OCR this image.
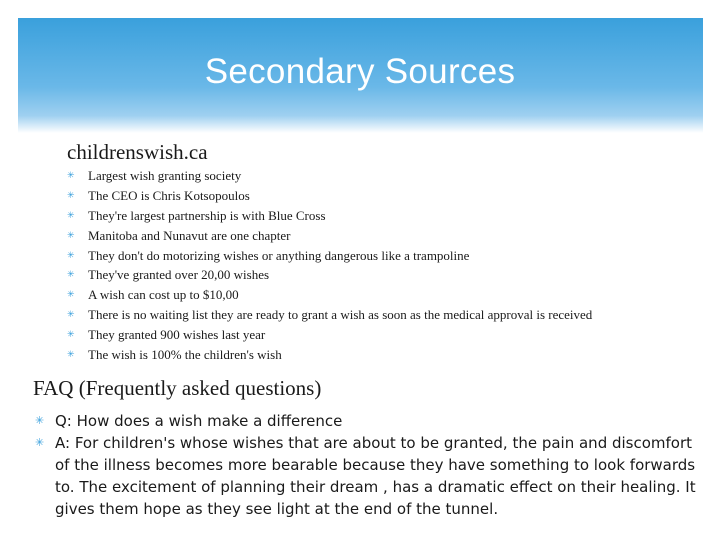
Secondary Sources
childrenswish.ca
✳	Largest wish granting society
✳	The CEO is Chris Kotsopoulos
✳	They're largest partnership is with Blue Cross
✳	Manitoba and Nunavut are one chapter
✳	They don't do motorizing wishes or anything dangerous like a trampoline
✳	They've granted over 20,00 wishes
✳	A wish can cost up to $10,00
✳	There is no waiting list they are ready to grant a wish as soon as the medical approval is received
✳	They granted 900 wishes last year
✳	The wish is 100% the children's wish
FAQ (Frequently asked questions)
✳ Q: How does a wish make a difference
✳ A: For children's whose wishes that are about to be granted, the pain and discomfort of the illness becomes more bearable because they have something to look forwards to. The excitement of planning their dream , has a dramatic effect on their healing. It gives them hope as they see light at the end of the tunnel.
